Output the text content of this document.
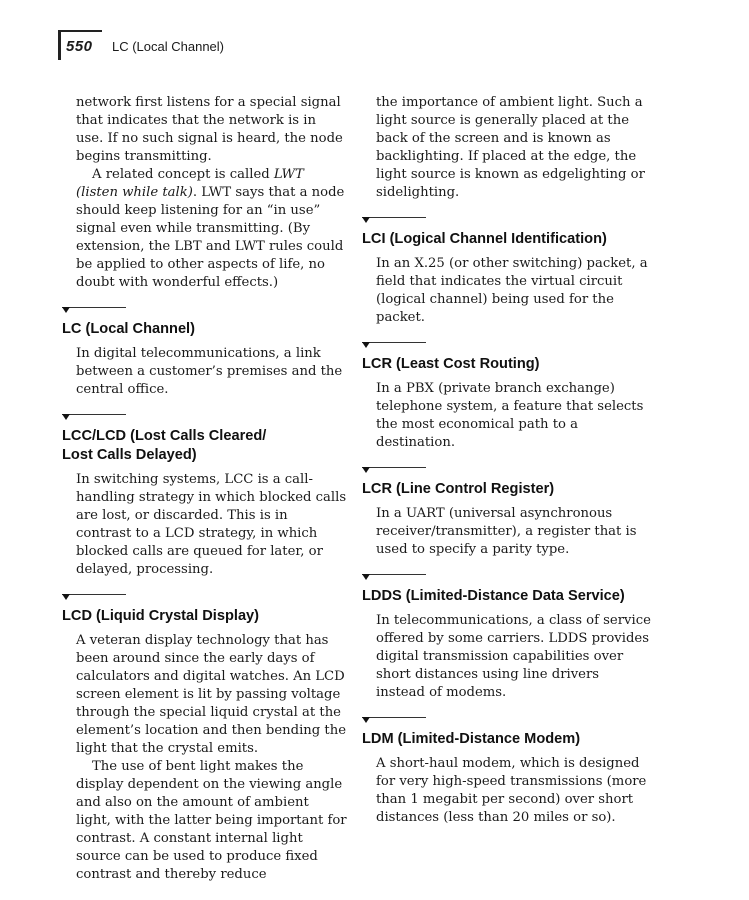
550 LC (Local Channel)

network first listens for a special signal that indicates that the network is in use. If no such signal is heard, the node begins transmitting.

A related concept is called LWT (listen while talk). LWT says that a node should keep listening for an “in use” signal even while transmitting. (By extension, the LBT and LWT rules could be applied to other aspects of life, no doubt with wonderful effects.)

LC (Local Channel)

In digital telecommunications, a link between a customer’s premises and the central office.

LCC/LCD (Lost Calls Cleared/
Lost Calls Delayed)

In switching systems, LCC is a call-handling strategy in which blocked calls are lost, or discarded. This is in contrast to a LCD strategy, in which blocked calls are queued for later, or delayed, processing.

LCD (Liquid Crystal Display)

A veteran display technology that has been around since the early days of calculators and digital watches. An LCD screen element is lit by passing voltage through the special liquid crystal at the element’s location and then bending the light that the crystal emits.

The use of bent light makes the display dependent on the viewing angle and also on the amount of ambient light, with the latter being important for contrast. A constant internal light source can be used to produce fixed contrast and thereby reduce

the importance of ambient light. Such a light source is generally placed at the back of the screen and is known as backlighting. If placed at the edge, the light source is known as edgelighting or sidelighting.

LCI (Logical Channel Identification)

In an X.25 (or other switching) packet, a field that indicates the virtual circuit (logical channel) being used for the packet.

LCR (Least Cost Routing)

In a PBX (private branch exchange) telephone system, a feature that selects the most economical path to a destination.

LCR (Line Control Register)

In a UART (universal asynchronous receiver/transmitter), a register that is used to specify a parity type.

LDDS (Limited-Distance Data Service)

In telecommunications, a class of service offered by some carriers. LDDS provides digital transmission capabilities over short distances using line drivers instead of modems.

LDM (Limited-Distance Modem)

A short-haul modem, which is designed for very high-speed transmissions (more than 1 megabit per second) over short distances (less than 20 miles or so).
